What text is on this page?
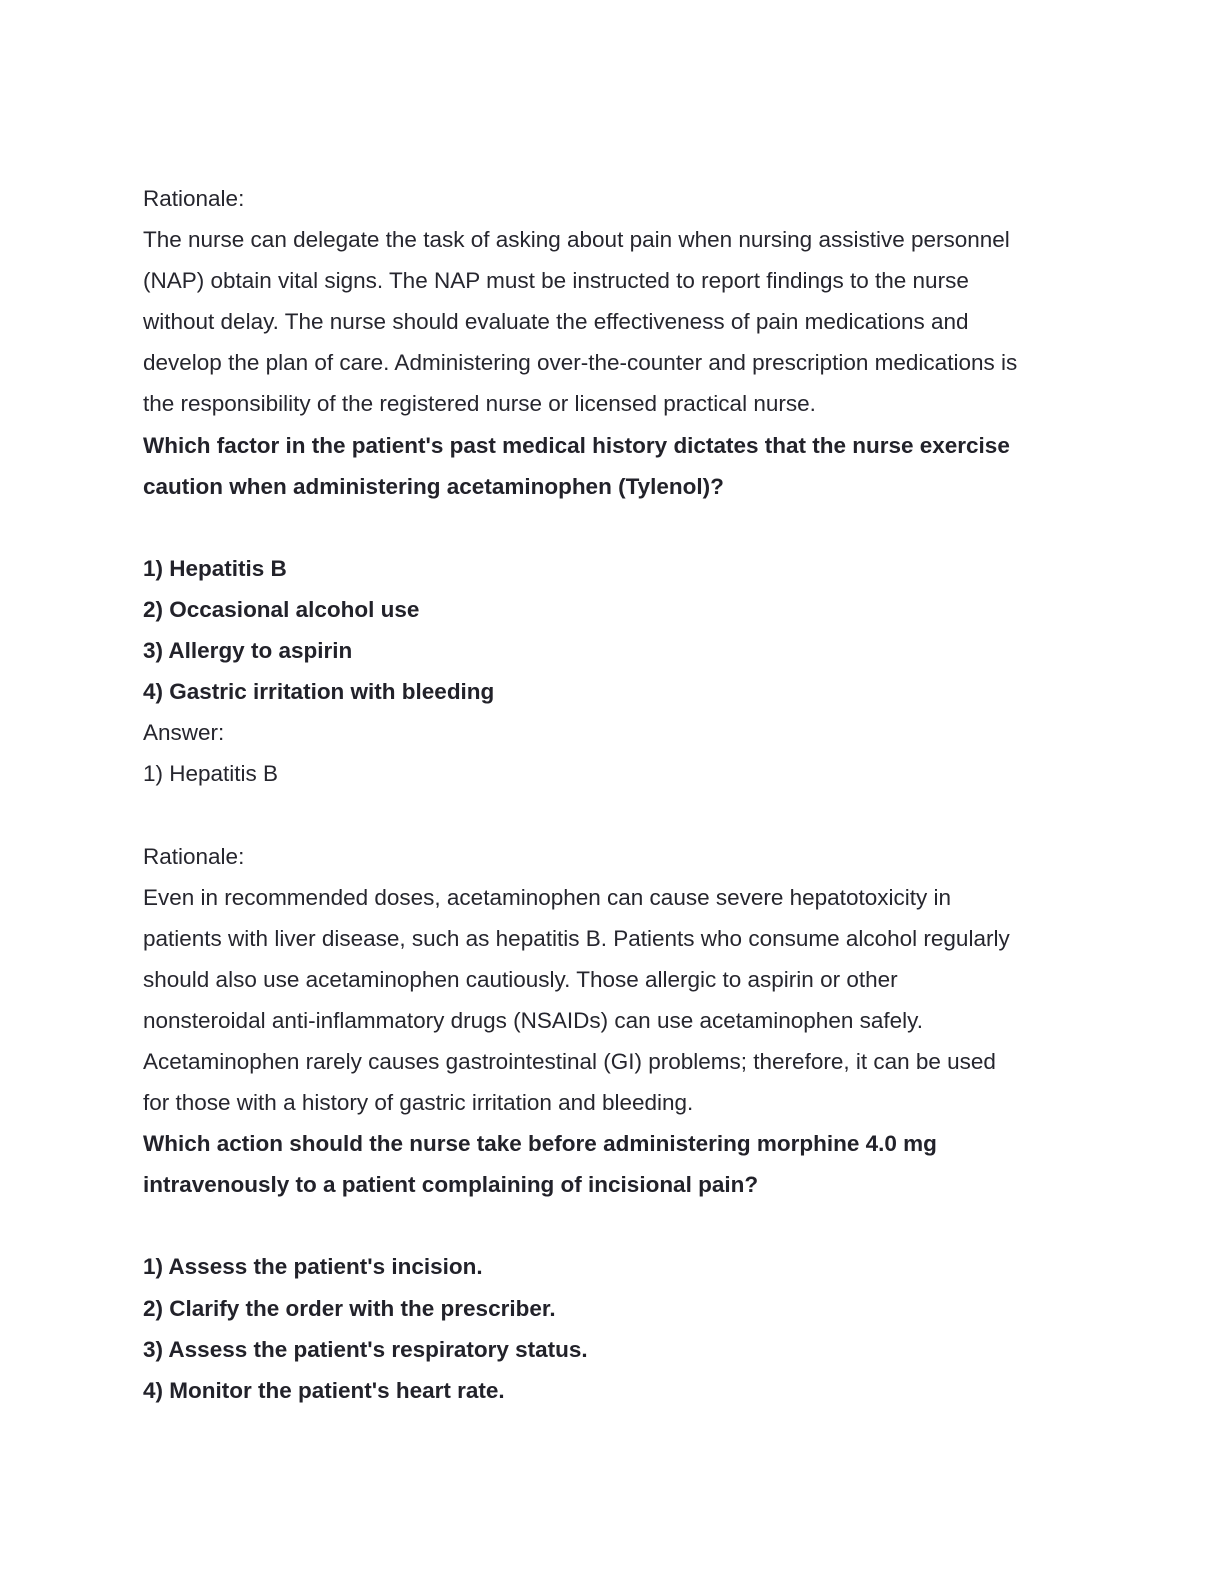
Rationale:
The nurse can delegate the task of asking about pain when nursing assistive personnel
(NAP) obtain vital signs. The NAP must be instructed to report findings to the nurse
without delay. The nurse should evaluate the effectiveness of pain medications and
develop the plan of care. Administering over-the-counter and prescription medications is
the responsibility of the registered nurse or licensed practical nurse.
Which factor in the patient's past medical history dictates that the nurse exercise
caution when administering acetaminophen (Tylenol)?
1) Hepatitis B
2) Occasional alcohol use
3) Allergy to aspirin
4) Gastric irritation with bleeding
Answer:
1) Hepatitis B
Rationale:
Even in recommended doses, acetaminophen can cause severe hepatotoxicity in
patients with liver disease, such as hepatitis B. Patients who consume alcohol regularly
should also use acetaminophen cautiously. Those allergic to aspirin or other
nonsteroidal anti-inflammatory drugs (NSAIDs) can use acetaminophen safely.
Acetaminophen rarely causes gastrointestinal (GI) problems; therefore, it can be used
for those with a history of gastric irritation and bleeding.
Which action should the nurse take before administering morphine 4.0 mg
intravenously to a patient complaining of incisional pain?
1) Assess the patient's incision.
2) Clarify the order with the prescriber.
3) Assess the patient's respiratory status.
4) Monitor the patient's heart rate.
